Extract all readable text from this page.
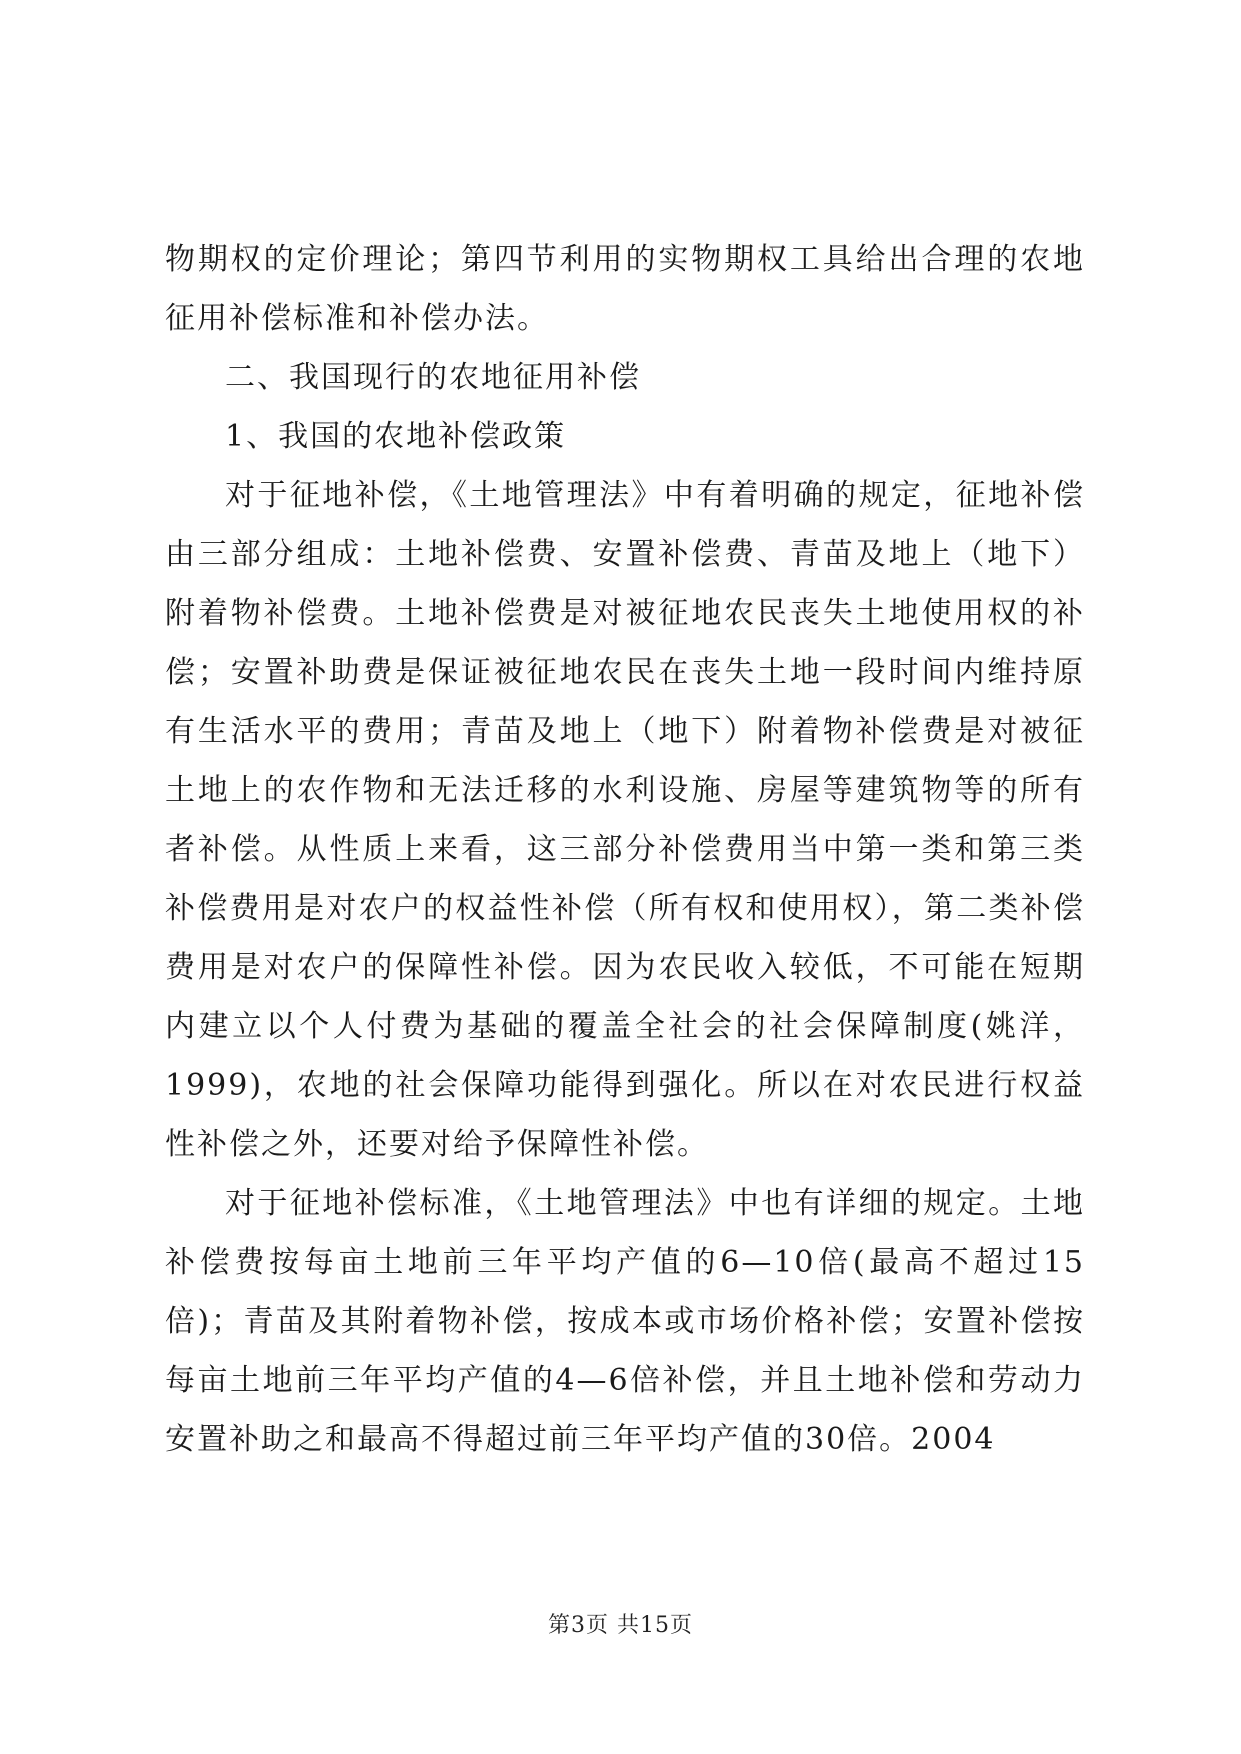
物期权的定价理论；第四节利用的实物期权工具给出合理的农地征用补偿标准和补偿办法。

二、我国现行的农地征用补偿

1、我国的农地补偿政策

对于征地补偿，《土地管理法》中有着明确的规定，征地补偿由三部分组成：土地补偿费、安置补偿费、青苗及地上（地下）附着物补偿费。土地补偿费是对被征地农民丧失土地使用权的补偿；安置补助费是保证被征地农民在丧失土地一段时间内维持原有生活水平的费用；青苗及地上（地下）附着物补偿费是对被征土地上的农作物和无法迁移的水利设施、房屋等建筑物等的所有者补偿。从性质上来看，这三部分补偿费用当中第一类和第三类补偿费用是对农户的权益性补偿（所有权和使用权），第二类补偿费用是对农户的保障性补偿。因为农民收入较低，不可能在短期内建立以个人付费为基础的覆盖全社会的社会保障制度(姚洋，1999)，农地的社会保障功能得到强化。所以在对农民进行权益性补偿之外，还要对给予保障性补偿。

对于征地补偿标准，《土地管理法》中也有详细的规定。土地补偿费按每亩土地前三年平均产值的6—10倍(最高不超过15倍)；青苗及其附着物补偿，按成本或市场价格补偿；安置补偿按每亩土地前三年平均产值的4—6倍补偿，并且土地补偿和劳动力安置补助之和最高不得超过前三年平均产值的30倍。2004

第3页 共15页
